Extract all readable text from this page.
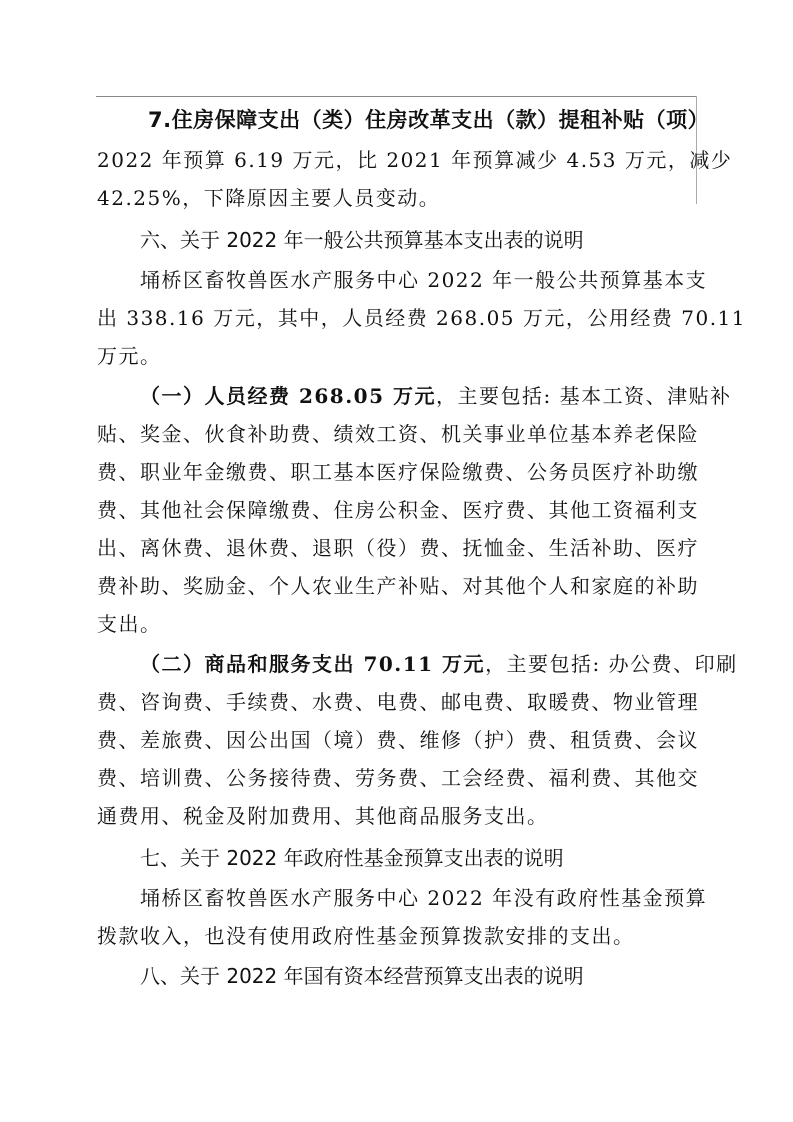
7.住房保障支出（类）住房改革支出（款）提租补贴（项）
2022 年预算 6.19 万元，比 2021 年预算减少 4.53 万元，减少
42.25%，下降原因主要人员变动。
六、关于 2022 年一般公共预算基本支出表的说明
埇桥区畜牧兽医水产服务中心 2022 年一般公共预算基本支
出 338.16 万元，其中，人员经费 268.05 万元，公用经费 70.11
万元。
（一）人员经费 268.05 万元，主要包括: 基本工资、津贴补
贴、奖金、伙食补助费、绩效工资、机关事业单位基本养老保险
费、职业年金缴费、职工基本医疗保险缴费、公务员医疗补助缴
费、其他社会保障缴费、住房公积金、医疗费、其他工资福利支
出、离休费、退休费、退职（役）费、抚恤金、生活补助、医疗
费补助、奖励金、个人农业生产补贴、对其他个人和家庭的补助
支出。
（二）商品和服务支出 70.11 万元，主要包括: 办公费、印刷
费、咨询费、手续费、水费、电费、邮电费、取暖费、物业管理
费、差旅费、因公出国（境）费、维修（护）费、租赁费、会议
费、培训费、公务接待费、劳务费、工会经费、福利费、其他交
通费用、税金及附加费用、其他商品服务支出。
七、关于 2022 年政府性基金预算支出表的说明
埇桥区畜牧兽医水产服务中心 2022 年没有政府性基金预算
拨款收入，也没有使用政府性基金预算拨款安排的支出。
八、关于 2022 年国有资本经营预算支出表的说明
